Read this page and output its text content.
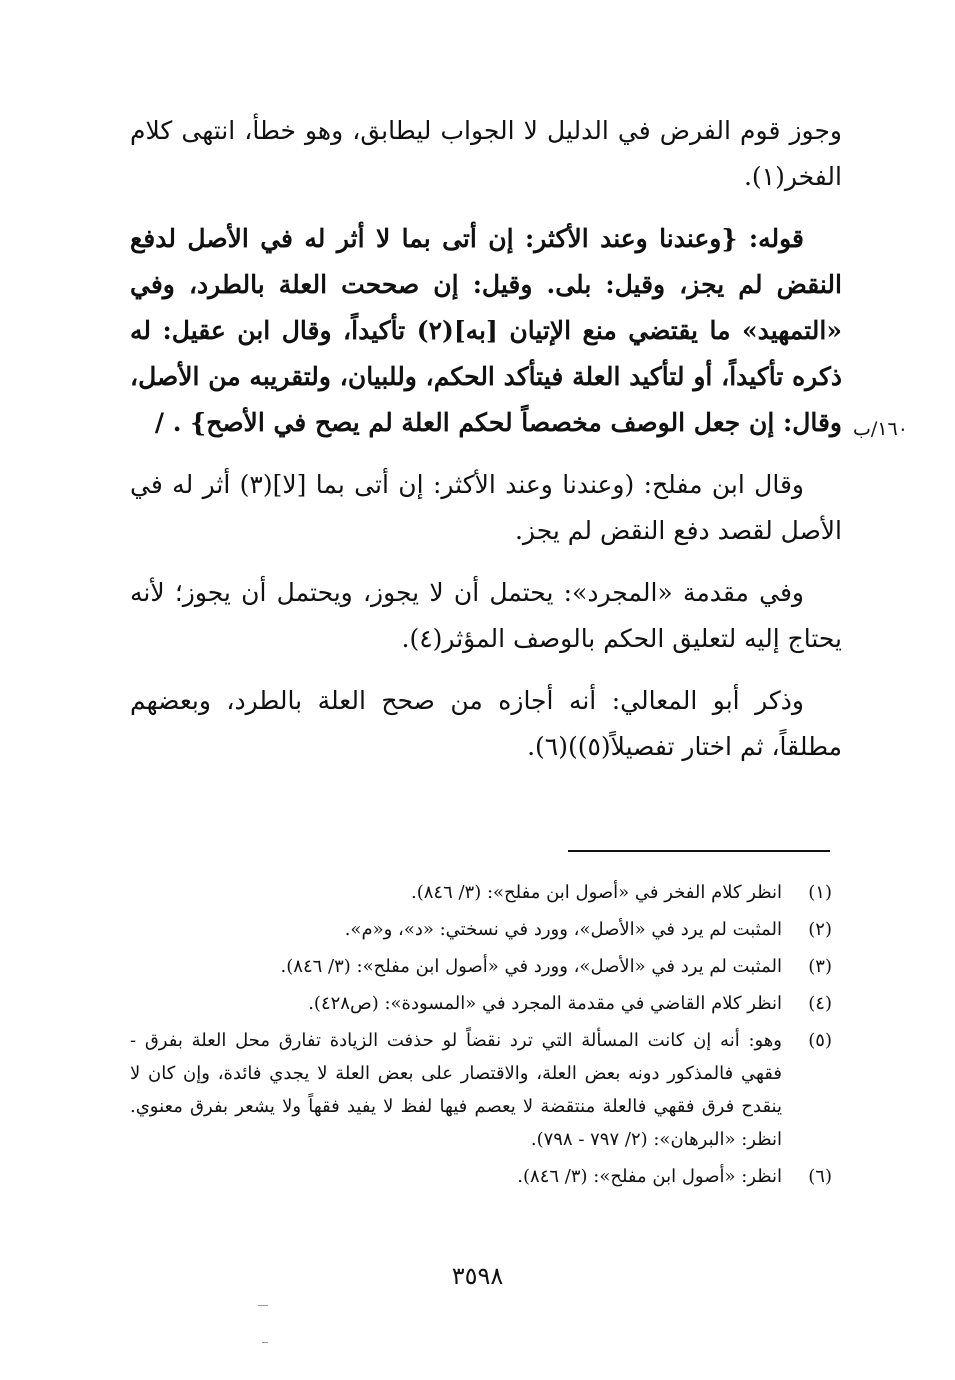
وجوز قوم الفرض في الدليل لا الجواب ليطابق، وهو خطأ، انتهى كلام الفخر(١).

قوله: {وعندنا وعند الأكثر: إن أتى بما لا أثر له في الأصل لدفع النقض لم يجز، وقيل: بلى. وقيل: إن صححت العلة بالطرد، وفي «التمهيد» ما يقتضي منع الإتيان [به](٢) تأكيداً، وقال ابن عقيل: له ذكره تأكيداً، أو لتأكيد العلة فيتأكد الحكم، وللبيان، ولتقريبه من الأصل، وقال: إن جعل الوصف مخصصاً لحكم العلة لم يصح في الأصح} . /

وقال ابن مفلح: (وعندنا وعند الأكثر: إن أتى بما [لا](٣) أثر له في الأصل لقصد دفع النقض لم يجز.

وفي مقدمة «المجرد»: يحتمل أن لا يجوز، ويحتمل أن يجوز؛ لأنه يحتاج إليه لتعليق الحكم بالوصف المؤثر(٤).

وذكر أبو المعالي: أنه أجازه من صحح العلة بالطرد، وبعضهم مطلقاً، ثم اختار تفصيلاً(٥))(٦).

١٦٠/ب
(١)
انظر كلام الفخر في «أصول ابن مفلح»: (٣/ ٨٤٦).
(٢)
المثبت لم يرد في «الأصل»، وورد في نسختي: «د»، و«م».
(٣)
المثبت لم يرد في «الأصل»، وورد في «أصول ابن مفلح»: (٣/ ٨٤٦).
(٤)
انظر كلام القاضي في مقدمة المجرد في «المسودة»: (ص٤٢٨).
(٥)
وهو: أنه إن كانت المسألة التي ترد نقضاً لو حذفت الزيادة تفارق محل العلة بفرق - فقهي فالمذكور دونه بعض العلة، والاقتصار على بعض العلة لا يجدي فائدة، وإن كان لا ينقدح فرق فقهي فالعلة منتقضة لا يعصم فيها لفظ لا يفيد فقهاً ولا يشعر بفرق معنوي. انظر: «البرهان»: (٢/ ٧٩٧ - ٧٩٨).
(٦)
انظر: «أصول ابن مفلح»: (٣/ ٨٤٦).
٣٥٩٨
